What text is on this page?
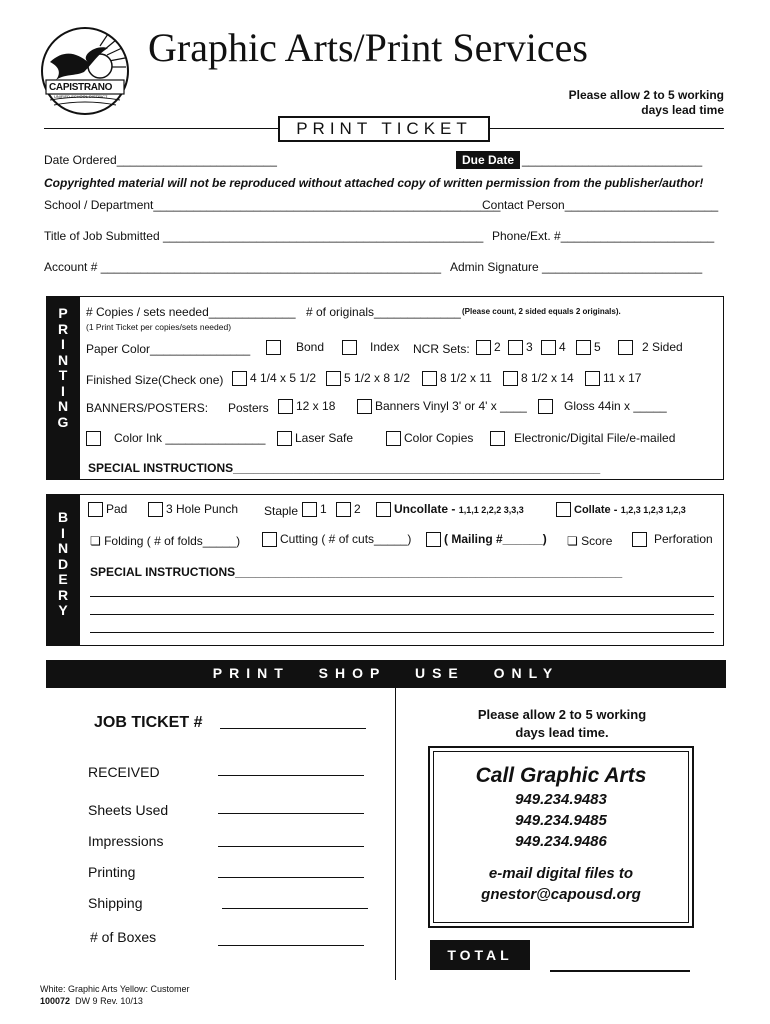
CAPISTRANO
UNIFIED SCHOOL DISTRICT
Graphic Arts/Print Services
Please allow 2 to 5 working
days lead time
PRINT TICKET
Date Ordered________________________	Due Date ___________________________
Copyrighted material will not be reproduced without attached copy of written permission from the publisher/author!
School / Department____________________________________________________
Contact Person_______________________
Title of Job Submitted ________________________________________________ Phone/Ext. #_______________________
Account # ___________________________________________________ Admin Signature ________________________
P
R
I
N
T
I
N
G
# Copies / sets needed_____________ # of originals_____________ (Please count, 2 sided equals 2 originals).
(1 Print Ticket per copies/sets needed)
Paper Color_______________	Bond	Index NCR Sets:	2	3	4	5	2 Sided
Finished Size(Check one)	4 1/4 x 5 1/2	5 1/2 x 8 1/2	8 1/2 x 11	8 1/2 x 14	11 x 17
BANNERS/POSTERS: Posters	12 x 18	Banners Vinyl 3' or 4' x ____	Gloss 44in x _____
Color Ink _______________	Laser Safe	Color Copies	Electronic/Digital File/e-mailed
SPECIAL INSTRUCTIONS_______________________________________________________
B
I
N
D
E
R
Y
Pad	3 Hole Punch Staple	1	2	Uncollate - 1,1,1 2,2,2 3,3,3	Collate - 1,2,3 1,2,3 1,2,3
❏ Folding ( # of folds_____)	Cutting ( # of cuts_____)	( Mailing #______) ❏ Score	Perforation
SPECIAL INSTRUCTIONS__________________________________________________________
PRINT SHOP USE ONLY
JOB TICKET #
RECEIVED
Sheets Used
Impressions
Printing
Shipping
# of Boxes
Please allow 2 to 5 working
days lead time.
Call Graphic Arts
949.234.9483
949.234.9485
949.234.9486
e-mail digital files to
gnestor@capousd.org
TOTAL
White: Graphic Arts Yellow: Customer
100072 DW 9 Rev. 10/13
